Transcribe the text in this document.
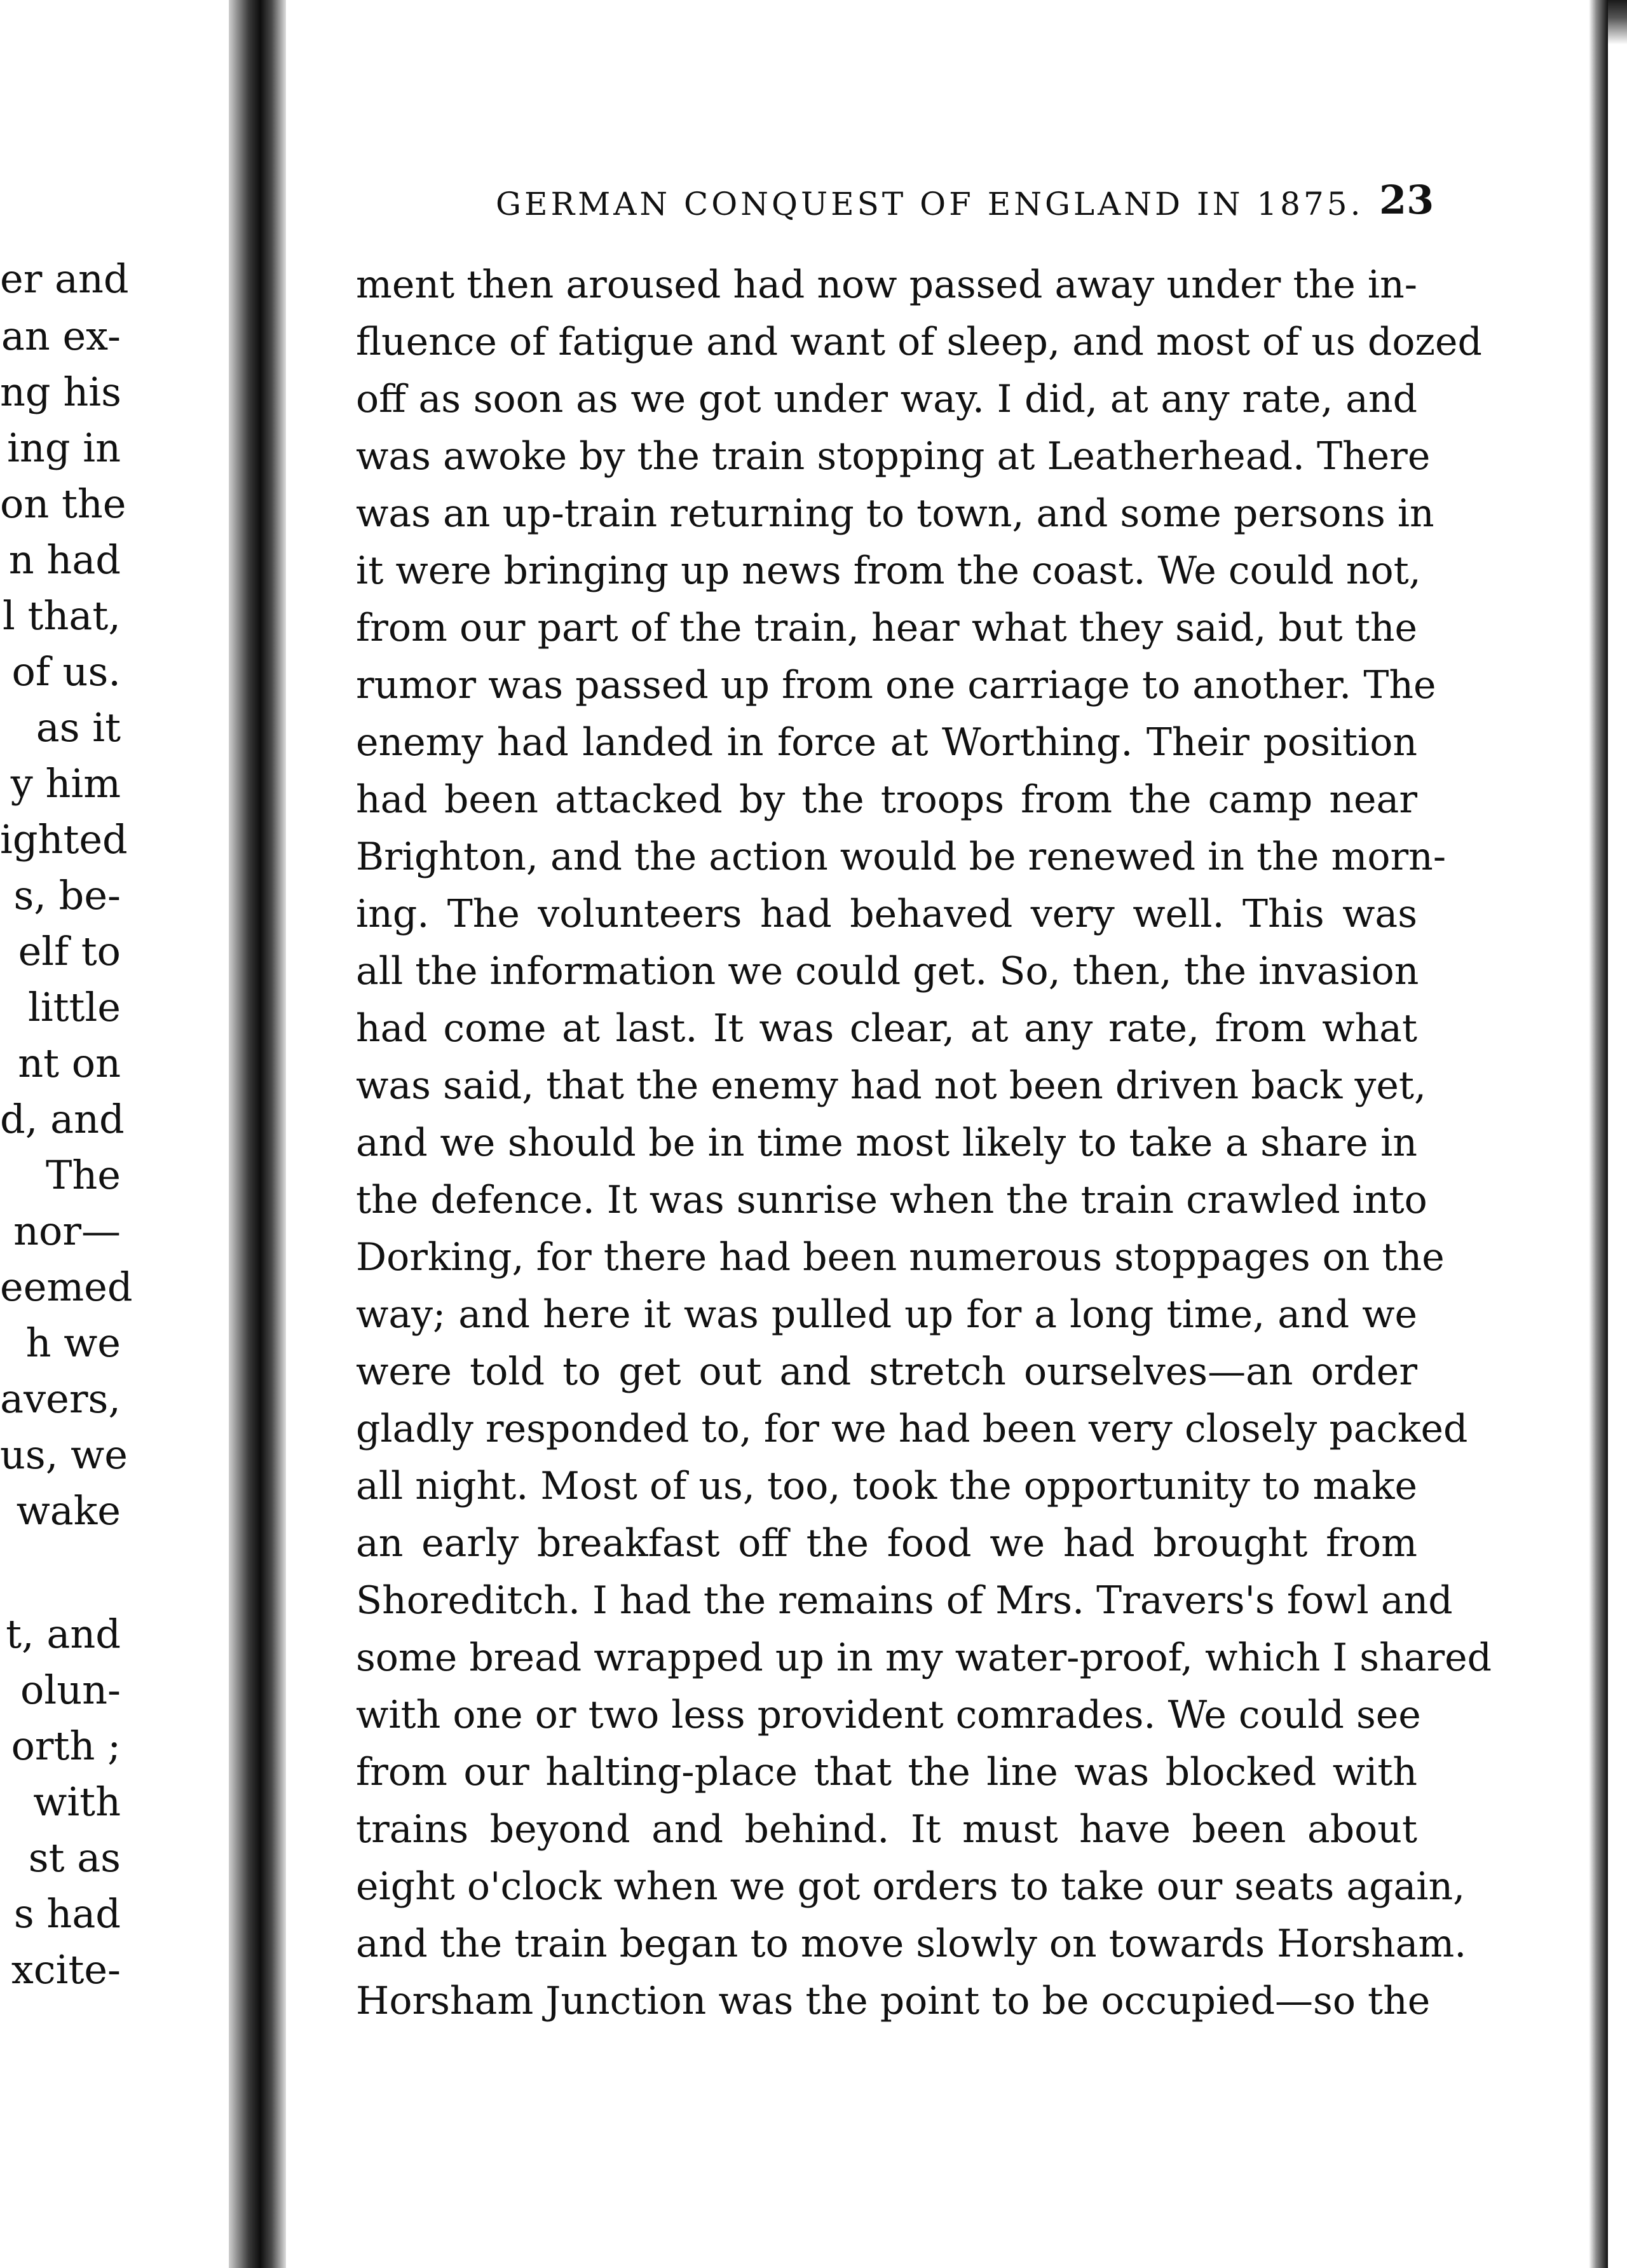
er and
an ex-
ng his
ing in
on the
n had
l that,
of us.
as it
y him
ighted
s, be-
elf to
little
nt on
d, and
The
nor—
eemed
h we
avers,
us, we
wake
t, and
olun-
orth ;
with
st as
s had
xcite-
GERMAN CONQUEST OF ENGLAND IN 1875. 23
ment then aroused had now passed away under the in-
fluence of fatigue and want of sleep, and most of us dozed
off as soon as we got under way. I did, at any rate, and
was awoke by the train stopping at Leatherhead. There
was an up-train returning to town, and some persons in
it were bringing up news from the coast. We could not,
from our part of the train, hear what they said, but the
rumor was passed up from one carriage to another. The
enemy had landed in force at Worthing. Their position
had been attacked by the troops from the camp near
Brighton, and the action would be renewed in the morn-
ing. The volunteers had behaved very well. This was
all the information we could get. So, then, the invasion
had come at last. It was clear, at any rate, from what
was said, that the enemy had not been driven back yet,
and we should be in time most likely to take a share in
the defence. It was sunrise when the train crawled into
Dorking, for there had been numerous stoppages on the
way; and here it was pulled up for a long time, and we
were told to get out and stretch ourselves—an order
gladly responded to, for we had been very closely packed
all night. Most of us, too, took the opportunity to make
an early breakfast off the food we had brought from
Shoreditch. I had the remains of Mrs. Travers's fowl and
some bread wrapped up in my water-proof, which I shared
with one or two less provident comrades. We could see
from our halting-place that the line was blocked with
trains beyond and behind. It must have been about
eight o'clock when we got orders to take our seats again,
and the train began to move slowly on towards Horsham.
Horsham Junction was the point to be occupied—so the
